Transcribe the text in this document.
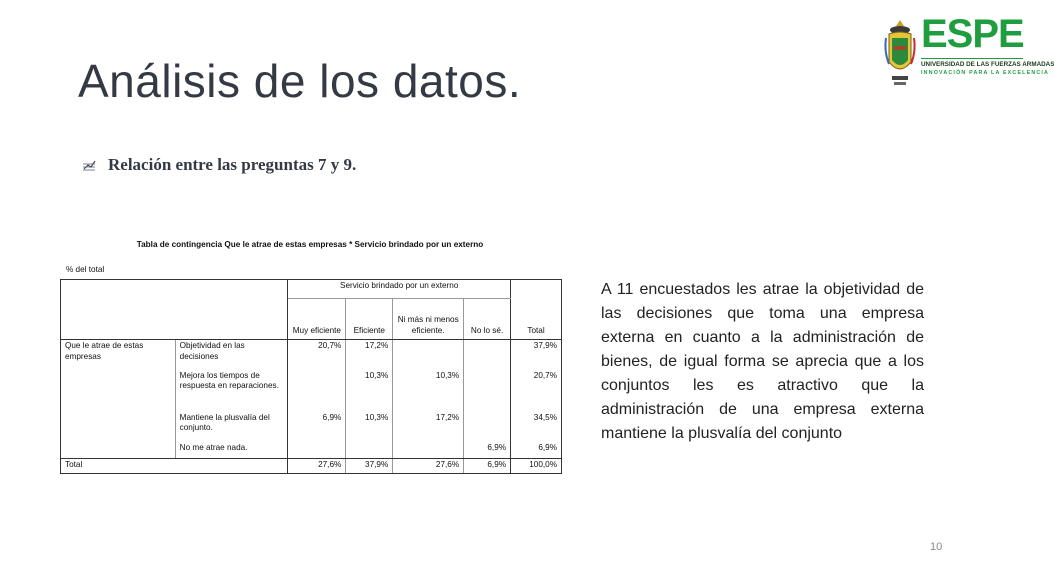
Análisis de los datos.
ESPE
UNIVERSIDAD DE LAS FUERZAS ARMADAS
INNOVACIÓN PARA LA EXCELENCIA
Relación entre las preguntas 7 y 9.
Tabla de contingencia Que le atrae de estas empresas * Servicio brindado por un externo
% del total
		Servicio brindado por un externo				Total
		Muy eficiente	Eficiente	Ni más ni menos eficiente.	No lo sé.	
Que le atrae de estas empresas	Objetividad en las decisiones	20,7%	17,2%			37,9%
	Mejora los tiempos de respuesta en reparaciones.		10,3%	10,3%		20,7%
	Mantiene la plusvalía del conjunto.	6,9%	10,3%	17,2%		34,5%
	No me atrae nada.				6,9%	6,9%
Total		27,6%	37,9%	27,6%	6,9%	100,0%

A 11 encuestados les atrae la objetividad de las decisiones que toma una empresa externa en cuanto a la administración de bienes, de igual forma se aprecia que a los conjuntos les es atractivo que la administración de una empresa externa mantiene la plusvalía del conjunto

10
